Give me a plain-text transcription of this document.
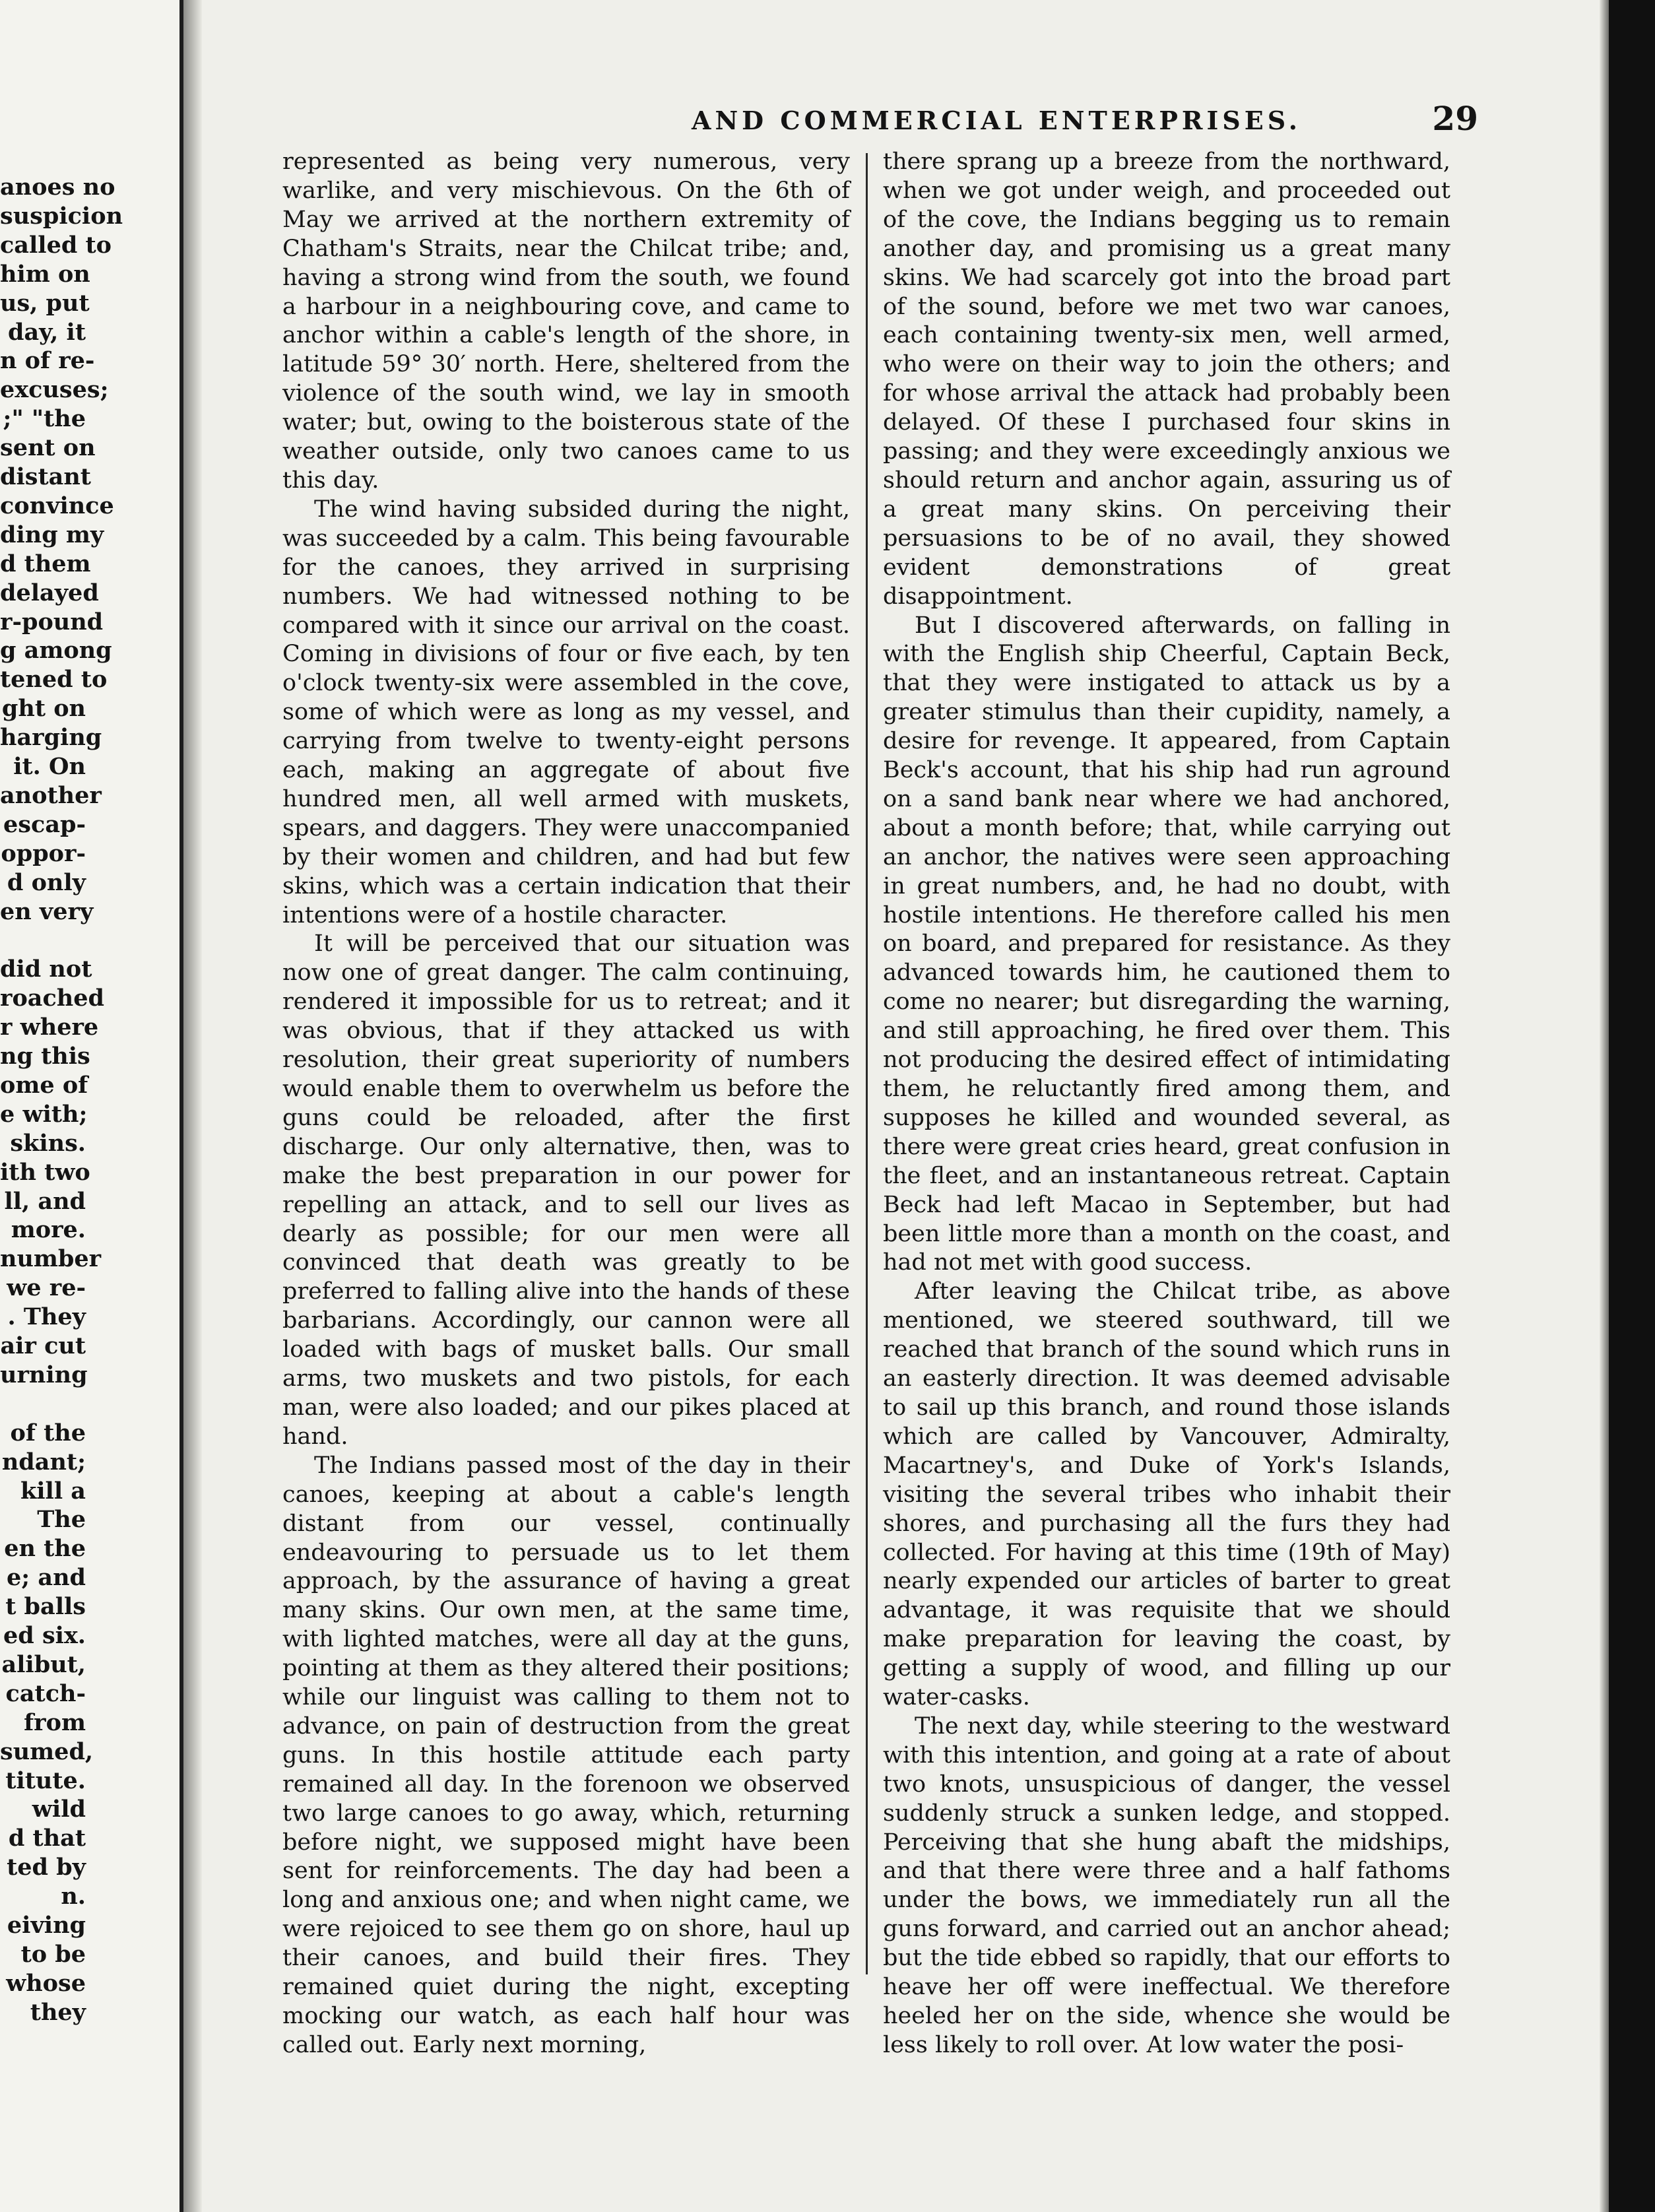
anoes no
suspicion
called to
him on
us, put
day, it
n of re-
excuses;
;" "the
sent on
distant
convince
ding my
d them
delayed
r-pound
g among
tened to
ght on
harging
it. On
another
escap-
oppor-
d only
en very
did not
roached
r where
ng this
ome of
e with;
skins.
ith two
ll, and
more.
number
we re-
. They
air cut
urning
of the
ndant;
kill a
The
en the
e; and
t balls
ed six.
alibut,
catch-
from
sumed,
titute.
wild
d that
ted by
n.
eiving
to be
whose
they
AND COMMERCIAL ENTERPRISES.	29

represented as being very numerous, very warlike, and very mischievous. On the 6th of May we arrived at the northern extremity of Chatham's Straits, near the Chilcat tribe; and, having a strong wind from the south, we found a harbour in a neighbouring cove, and came to anchor within a cable's length of the shore, in latitude 59° 30′ north. Here, sheltered from the violence of the south wind, we lay in smooth water; but, owing to the boisterous state of the weather outside, only two canoes came to us this day.

The wind having subsided during the night, was succeeded by a calm. This being favourable for the canoes, they arrived in surprising numbers. We had witnessed nothing to be compared with it since our arrival on the coast. Coming in divisions of four or five each, by ten o'clock twenty-six were assembled in the cove, some of which were as long as my vessel, and carrying from twelve to twenty-eight persons each, making an aggregate of about five hundred men, all well armed with muskets, spears, and daggers. They were unaccompanied by their women and children, and had but few skins, which was a certain indication that their intentions were of a hostile character.

It will be perceived that our situation was now one of great danger. The calm continuing, rendered it impossible for us to retreat; and it was obvious, that if they attacked us with resolution, their great superiority of numbers would enable them to overwhelm us before the guns could be reloaded, after the first discharge. Our only alternative, then, was to make the best preparation in our power for repelling an attack, and to sell our lives as dearly as possible; for our men were all convinced that death was greatly to be preferred to falling alive into the hands of these barbarians. Accordingly, our cannon were all loaded with bags of musket balls. Our small arms, two muskets and two pistols, for each man, were also loaded; and our pikes placed at hand.

The Indians passed most of the day in their canoes, keeping at about a cable's length distant from our vessel, continually endeavouring to persuade us to let them approach, by the assurance of having a great many skins. Our own men, at the same time, with lighted matches, were all day at the guns, pointing at them as they altered their positions; while our linguist was calling to them not to advance, on pain of destruction from the great guns. In this hostile attitude each party remained all day. In the forenoon we observed two large canoes to go away, which, returning before night, we supposed might have been sent for reinforcements. The day had been a long and anxious one; and when night came, we were rejoiced to see them go on shore, haul up their canoes, and build their fires. They remained quiet during the night, excepting mocking our watch, as each half hour was called out. Early next morning,

there sprang up a breeze from the northward, when we got under weigh, and proceeded out of the cove, the Indians begging us to remain another day, and promising us a great many skins. We had scarcely got into the broad part of the sound, before we met two war canoes, each containing twenty-six men, well armed, who were on their way to join the others; and for whose arrival the attack had probably been delayed. Of these I purchased four skins in passing; and they were exceedingly anxious we should return and anchor again, assuring us of a great many skins. On perceiving their persuasions to be of no avail, they showed evident demonstrations of great disappointment.

But I discovered afterwards, on falling in with the English ship Cheerful, Captain Beck, that they were instigated to attack us by a greater stimulus than their cupidity, namely, a desire for revenge. It appeared, from Captain Beck's account, that his ship had run aground on a sand bank near where we had anchored, about a month before; that, while carrying out an anchor, the natives were seen approaching in great numbers, and, he had no doubt, with hostile intentions. He therefore called his men on board, and prepared for resistance. As they advanced towards him, he cautioned them to come no nearer; but disregarding the warning, and still approaching, he fired over them. This not producing the desired effect of intimidating them, he reluctantly fired among them, and supposes he killed and wounded several, as there were great cries heard, great confusion in the fleet, and an instantaneous retreat. Captain Beck had left Macao in September, but had been little more than a month on the coast, and had not met with good success.

After leaving the Chilcat tribe, as above mentioned, we steered southward, till we reached that branch of the sound which runs in an easterly direction. It was deemed advisable to sail up this branch, and round those islands which are called by Vancouver, Admiralty, Macartney's, and Duke of York's Islands, visiting the several tribes who inhabit their shores, and purchasing all the furs they had collected. For having at this time (19th of May) nearly expended our articles of barter to great advantage, it was requisite that we should make preparation for leaving the coast, by getting a supply of wood, and filling up our water-casks.

The next day, while steering to the westward with this intention, and going at a rate of about two knots, unsuspicious of danger, the vessel suddenly struck a sunken ledge, and stopped. Perceiving that she hung abaft the midships, and that there were three and a half fathoms under the bows, we immediately run all the guns forward, and carried out an anchor ahead; but the tide ebbed so rapidly, that our efforts to heave her off were ineffectual. We therefore heeled her on the side, whence she would be less likely to roll over. At low water the posi-
